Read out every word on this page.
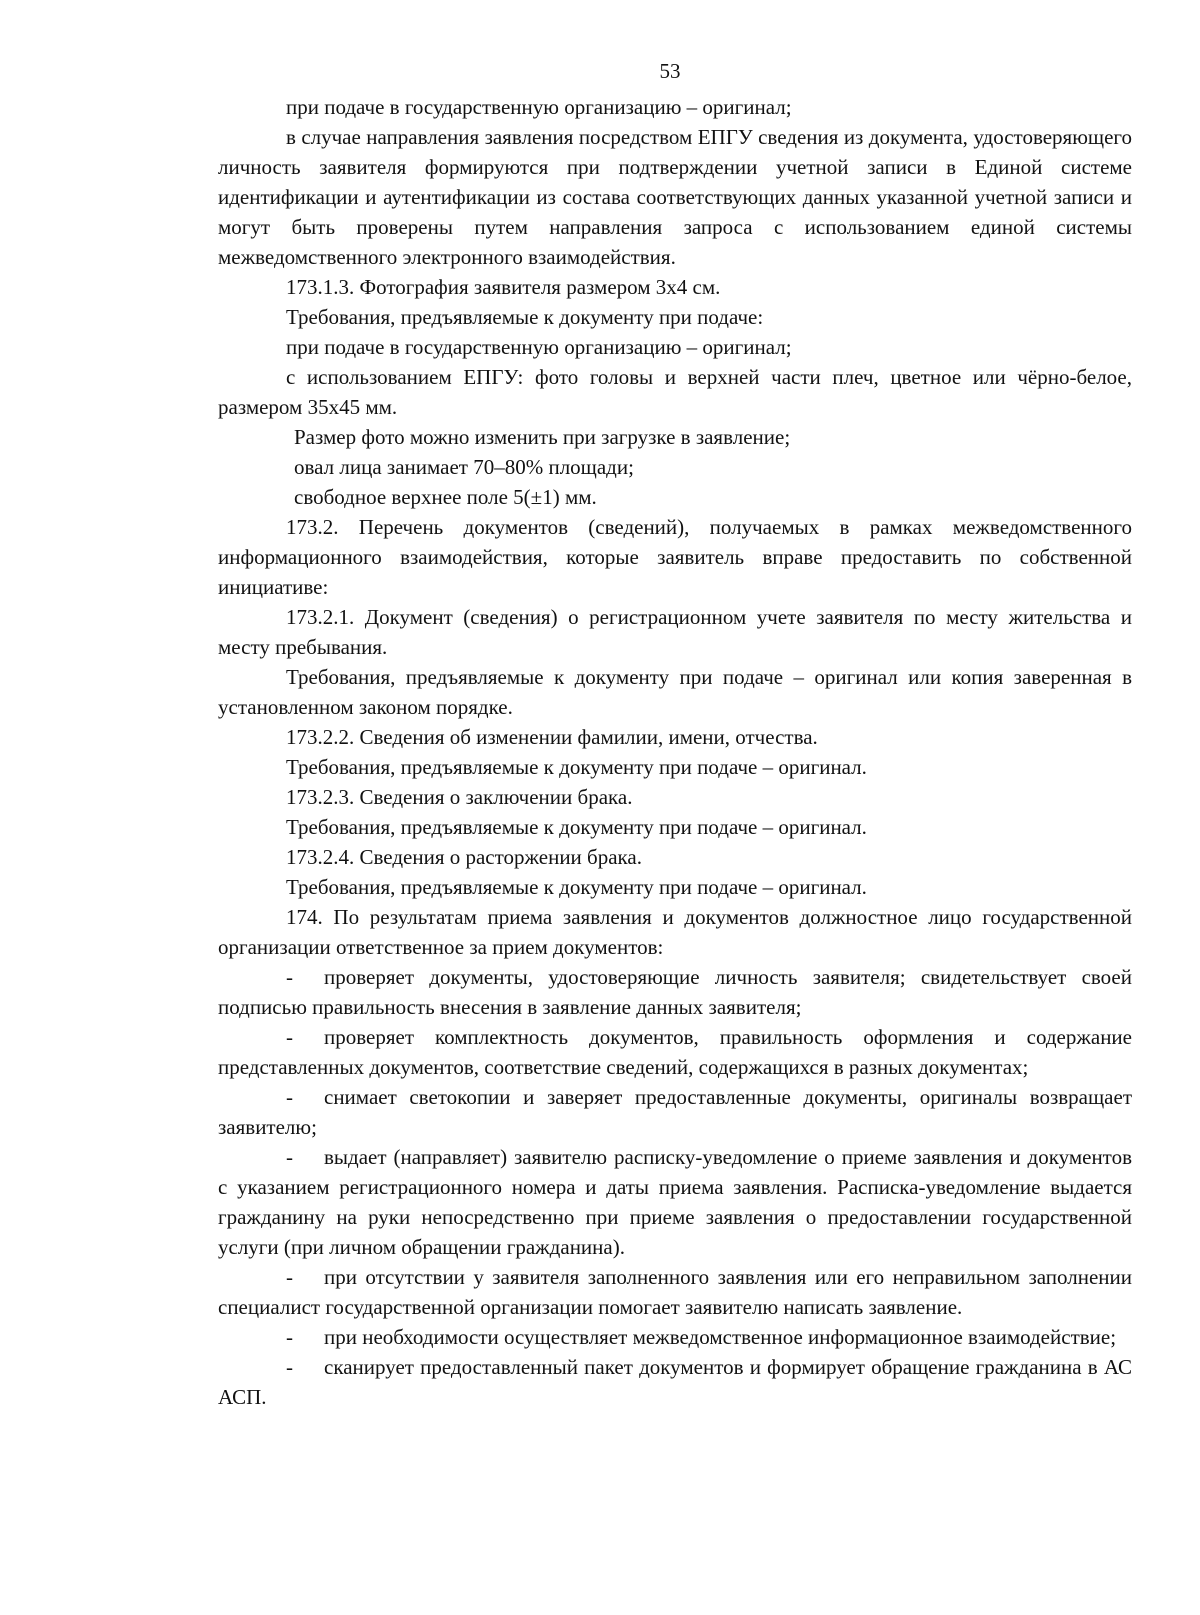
53

при подаче в государственную организацию – оригинал;

в случае направления заявления посредством ЕПГУ сведения из документа, удостоверяющего личность заявителя формируются при подтверждении учетной записи в Единой системе идентификации и аутентификации из состава соответствующих данных указанной учетной записи и могут быть проверены путем направления запроса с использованием единой системы межведомственного электронного взаимодействия.

173.1.3. Фотография заявителя размером 3x4 см.

Требования, предъявляемые к документу при подаче:

при подаче в государственную организацию – оригинал;

с использованием ЕПГУ: фото головы и верхней части плеч, цветное или чёрно-белое, размером 35x45 мм.

Размер фото можно изменить при загрузке в заявление;

овал лица занимает 70–80% площади;

свободное верхнее поле 5(±1) мм.

173.2. Перечень документов (сведений), получаемых в рамках межведомственного информационного взаимодействия, которые заявитель вправе предоставить по собственной инициативе:

173.2.1. Документ (сведения) о регистрационном учете заявителя по месту жительства и месту пребывания.

Требования, предъявляемые к документу при подаче – оригинал или копия заверенная в установленном законом порядке.

173.2.2. Сведения об изменении фамилии, имени, отчества.

Требования, предъявляемые к документу при подаче – оригинал.

173.2.3. Сведения о заключении брака.

Требования, предъявляемые к документу при подаче – оригинал.

173.2.4. Сведения о расторжении брака.

Требования, предъявляемые к документу при подаче – оригинал.

174. По результатам приема заявления и документов должностное лицо государственной организации ответственное за прием документов:

- проверяет документы, удостоверяющие личность заявителя; свидетельствует своей подписью правильность внесения в заявление данных заявителя;

- проверяет комплектность документов, правильность оформления и содержание представленных документов, соответствие сведений, содержащихся в разных документах;

- снимает светокопии и заверяет предоставленные документы, оригиналы возвращает заявителю;

- выдает (направляет) заявителю расписку-уведомление о приеме заявления и документов с указанием регистрационного номера и даты приема заявления. Расписка-уведомление выдается гражданину на руки непосредственно при приеме заявления о предоставлении государственной услуги (при личном обращении гражданина).

- при отсутствии у заявителя заполненного заявления или его неправильном заполнении специалист государственной организации помогает заявителю написать заявление.

- при необходимости осуществляет межведомственное информационное взаимодействие;

- сканирует предоставленный пакет документов и формирует обращение гражданина в АС АСП.
